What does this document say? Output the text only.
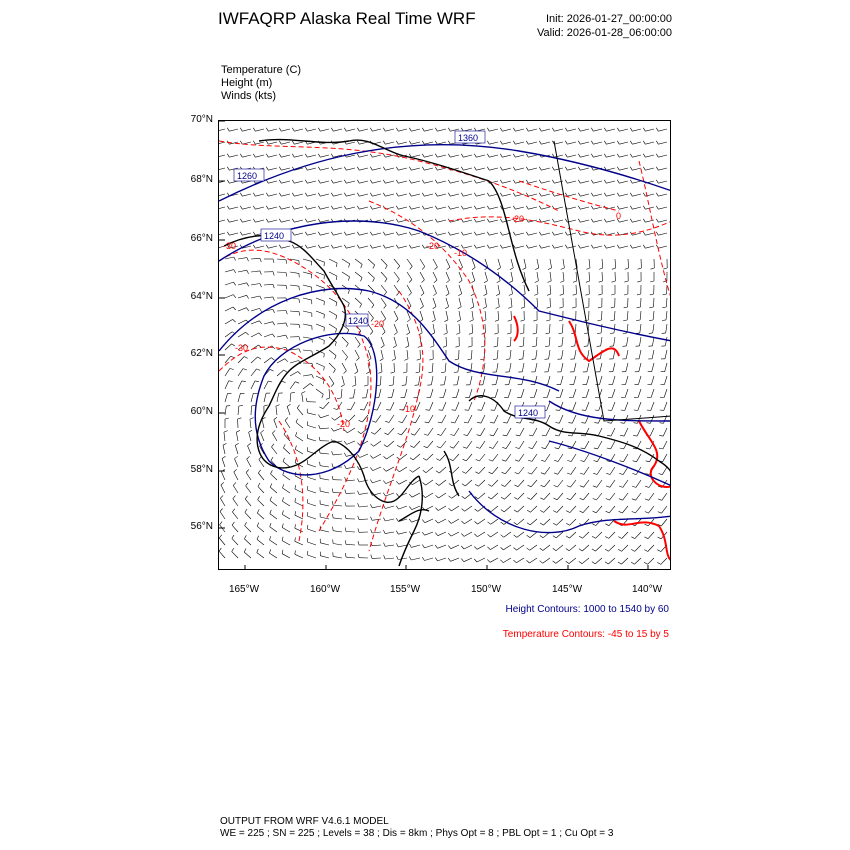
IWFAQRP Alaska Real Time WRF	Init: 2026-01-27_00:00:00
Valid: 2026-01-28_06:00:00
Temperature (C)
Height (m)
Winds (kts)
70°N
68°N
66°N
64°N
62°N
60°N
58°N
56°N
165°W	160°W	155°W	150°W	145°W	140°W
1360
1260
1240
1240
1240
-30
-20
-20
-10
-20
-20
-30
-10
0
Height Contours: 1000 to 1540 by 60
Temperature Contours: -45 to 15 by 5
OUTPUT FROM WRF V4.6.1 MODEL
WE = 225 ; SN = 225 ; Levels = 38 ; Dis = 8km ; Phys Opt = 8 ; PBL Opt = 1 ; Cu Opt = 3
